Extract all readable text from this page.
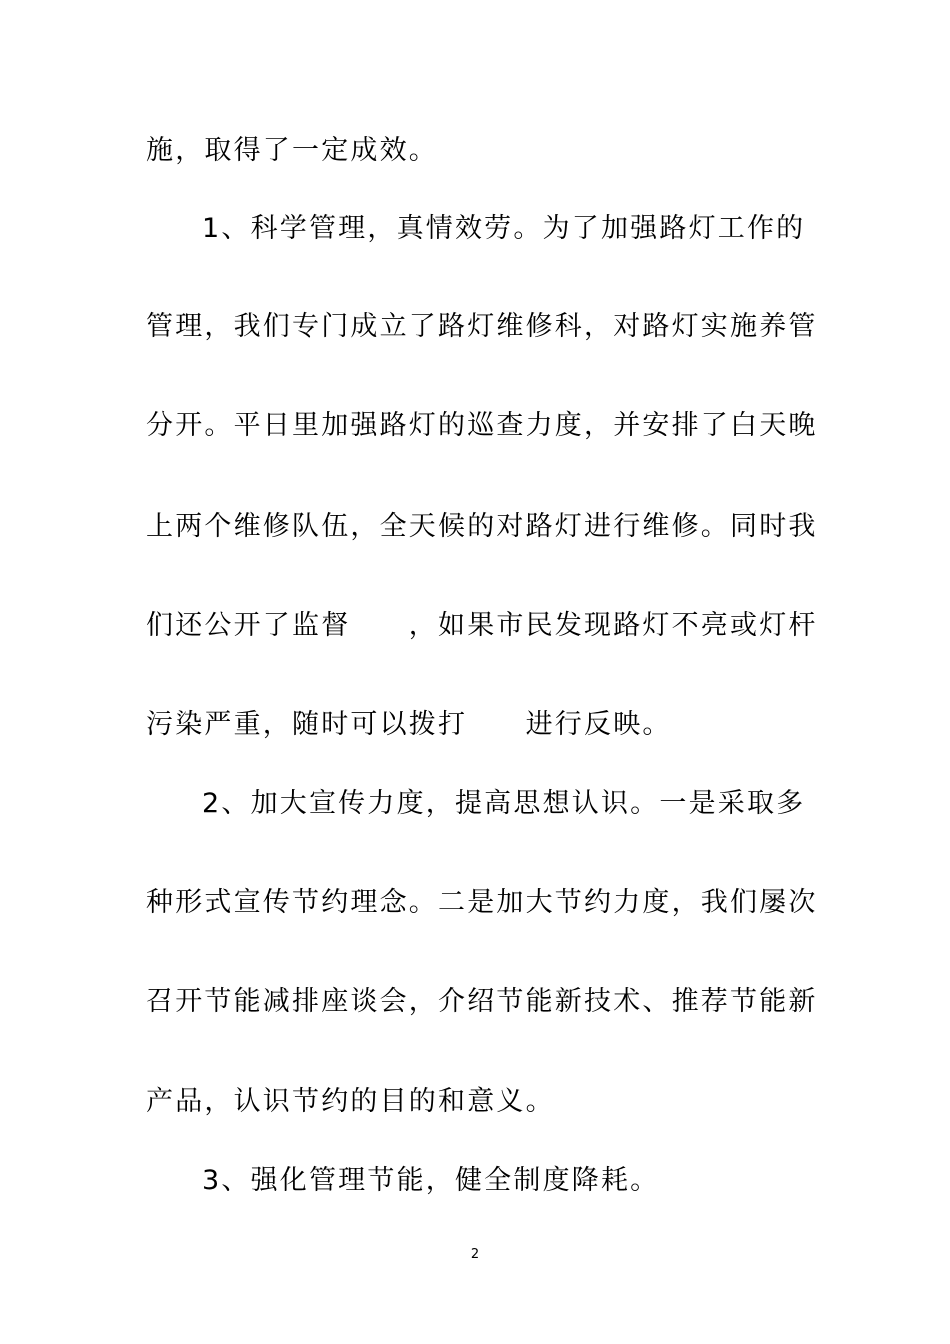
施，取得了一定成效。
1、科学管理，真情效劳。为了加强路灯工作的
管理，我们专门成立了路灯维修科，对路灯实施养管
分开。平日里加强路灯的巡查力度，并安排了白天晚
上两个维修队伍，全天候的对路灯进行维修。同时我
们还公开了监督　　，如果市民发现路灯不亮或灯杆
污染严重，随时可以拨打　　进行反映。
2、加大宣传力度，提高思想认识。一是采取多
种形式宣传节约理念。二是加大节约力度，我们屡次
召开节能减排座谈会，介绍节能新技术、推荐节能新
产品，认识节约的目的和意义。
3、强化管理节能，健全制度降耗。
2
